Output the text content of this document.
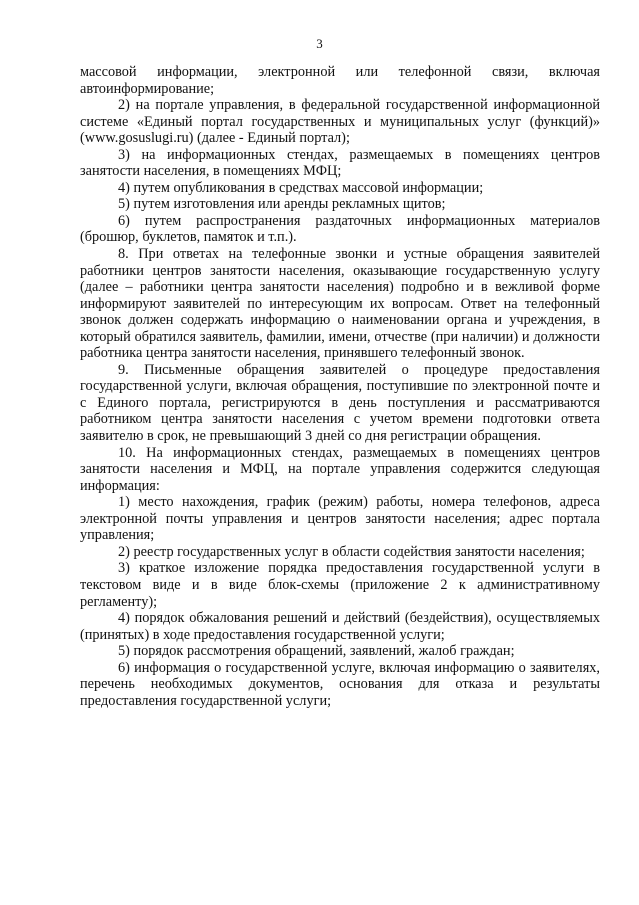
3

массовой информации, электронной или телефонной связи, включая автоинформирование;

2) на портале управления, в федеральной государственной информационной системе «Единый портал государственных и муниципальных услуг (функций)» (www.gosuslugi.ru) (далее - Единый портал);

3) на информационных стендах, размещаемых в помещениях центров занятости населения, в помещениях МФЦ;

4) путем опубликования в средствах массовой информации;

5) путем изготовления или аренды рекламных щитов;

6) путем распространения раздаточных информационных материалов (брошюр, буклетов, памяток и т.п.).

8. При ответах на телефонные звонки и устные обращения заявителей работники центров занятости населения, оказывающие государственную услугу (далее – работники центра занятости населения) подробно и в вежливой форме информируют заявителей по интересующим их вопросам. Ответ на телефонный звонок должен содержать информацию о наименовании органа и учреждения, в который обратился заявитель, фамилии, имени, отчестве (при наличии) и должности работника центра занятости населения, принявшего телефонный звонок.

9. Письменные обращения заявителей о процедуре предоставления государственной услуги, включая обращения, поступившие по электронной почте и с Единого портала, регистрируются в день поступления и рассматриваются работником центра занятости населения с учетом времени подготовки ответа заявителю в срок, не превышающий 3 дней со дня регистрации обращения.

10. На информационных стендах, размещаемых в помещениях центров занятости населения и МФЦ, на портале управления содержится следующая информация:

1) место нахождения, график (режим) работы, номера телефонов, адреса электронной почты управления и центров занятости населения; адрес портала управления;

2) реестр государственных услуг в области содействия занятости населения;

3) краткое изложение порядка предоставления государственной услуги в текстовом виде и в виде блок-схемы (приложение 2 к административному регламенту);

4) порядок обжалования решений и действий (бездействия), осуществляемых (принятых) в ходе предоставления государственной услуги;

5) порядок рассмотрения обращений, заявлений, жалоб граждан;

6) информация о государственной услуге, включая информацию о заявителях, перечень необходимых документов, основания для отказа и результаты предоставления государственной услуги;
